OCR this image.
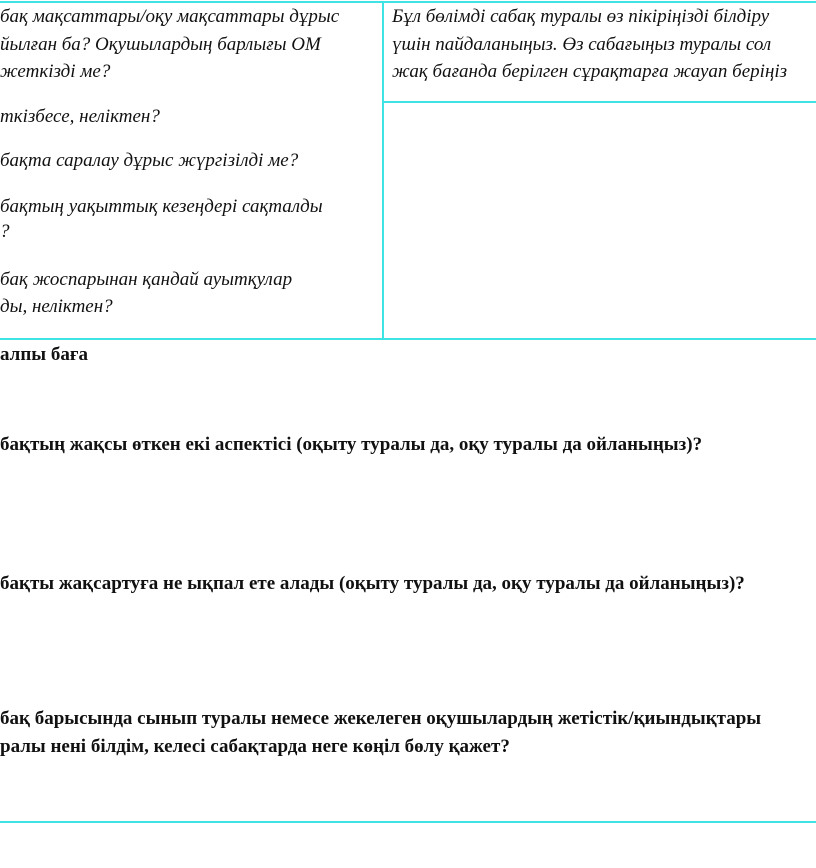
бақ мақсаттары/оқу мақсаттары дұрыс
йылған ба? Оқушылардың барлығы ОМ
жеткізді ме?
ткізбесе, неліктен?
бақта саралау дұрыс жүргізілді ме?
бақтың уақыттық кезеңдері сақталды
?
бақ жоспарынан қандай ауытқулар
ды, неліктен?
Бұл бөлімді сабақ туралы өз пікіріңізді білдіру
үшін пайдаланыңыз. Өз сабағыңыз туралы сол
жақ бағанда берілген сұрақтарға жауап беріңіз
алпы баға
бақтың жақсы өткен екі аспектісі (оқыту туралы да, оқу туралы да ойланыңыз)?
бақты жақсартуға не ықпал ете алады (оқыту туралы да, оқу туралы да ойланыңыз)?
бақ барысында сынып туралы немесе жекелеген оқушылардың жетістік/қиындықтары
ралы нені білдім, келесі сабақтарда неге көңіл бөлу қажет?
